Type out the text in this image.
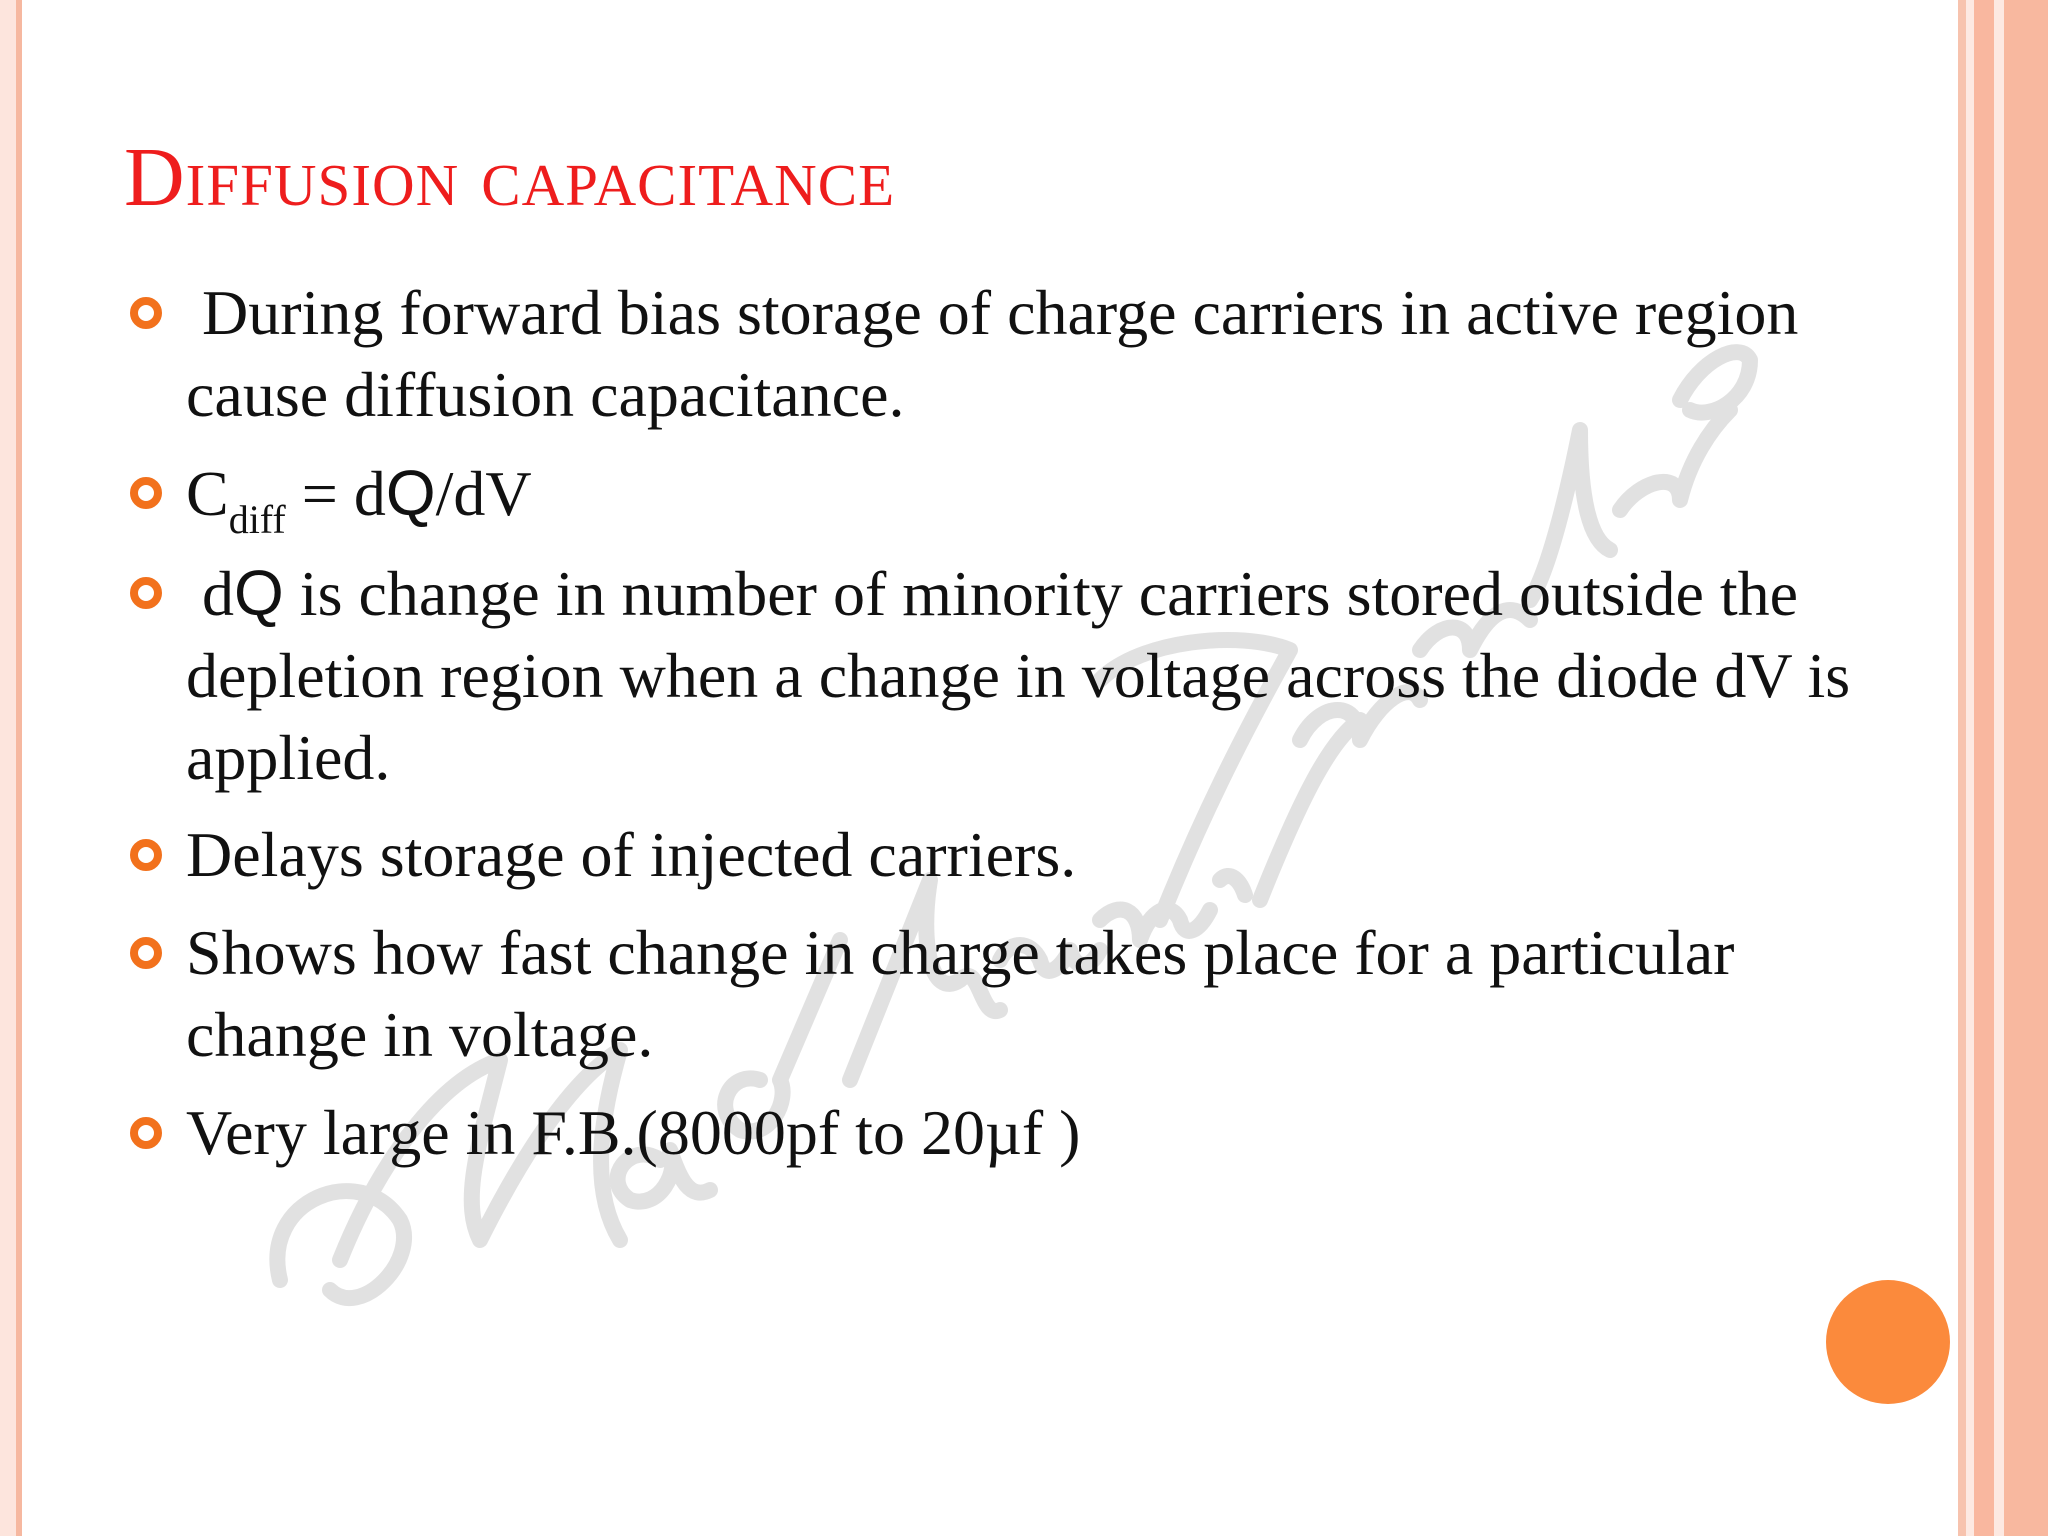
Diffusion capacitance
During forward bias storage of charge carriers in active region cause diffusion capacitance.
$C_{diff} = dQ/dV$
dQ is change in number of minority carriers stored outside the depletion region when a change in voltage across the diode dV is applied.
Delays storage of injected carriers.
Shows how fast change in charge takes place for a particular change in voltage.
Very large in F.B.(8000pf to 20µf )
